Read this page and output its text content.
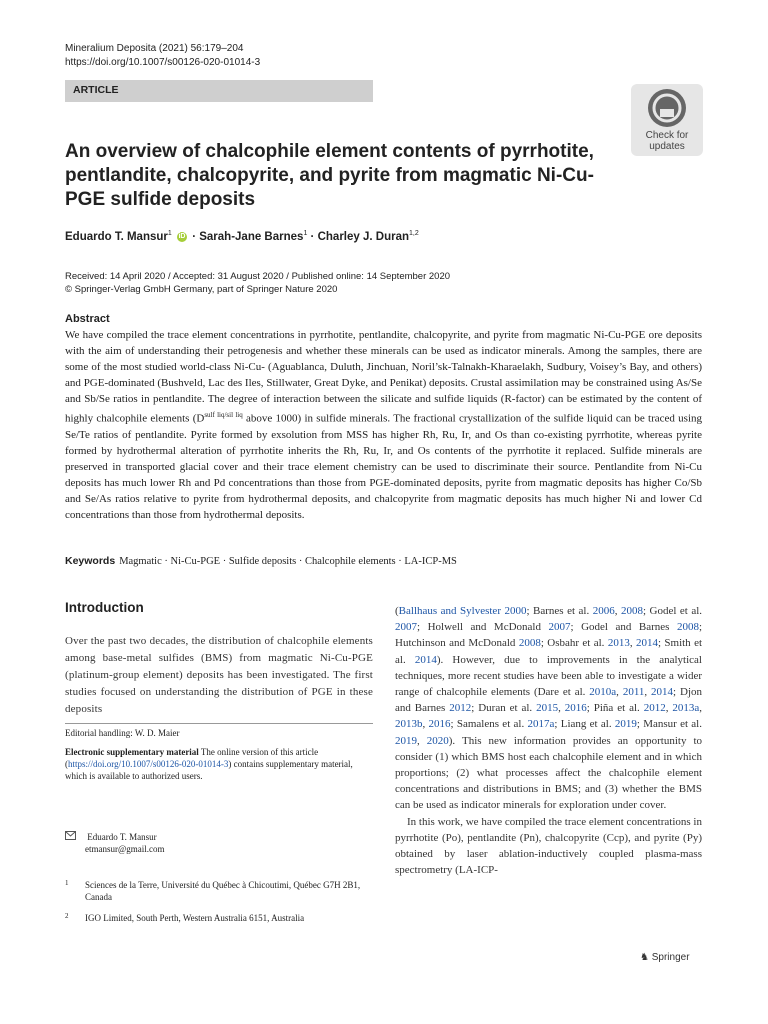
Mineralium Deposita (2021) 56:179–204
https://doi.org/10.1007/s00126-020-01014-3
ARTICLE
Check for
updates
An overview of chalcophile element contents of pyrrhotite, pentlandite, chalcopyrite, and pyrite from magmatic Ni-Cu-PGE sulfide deposits
Eduardo T. Mansur$^1$ iD · Sarah-Jane Barnes$^1$ · Charley J. Duran$^{1,2}$
Received: 14 April 2020 / Accepted: 31 August 2020 / Published online: 14 September 2020
© Springer-Verlag GmbH Germany, part of Springer Nature 2020
Abstract
We have compiled the trace element concentrations in pyrrhotite, pentlandite, chalcopyrite, and pyrite from magmatic Ni-Cu-PGE ore deposits with the aim of understanding their petrogenesis and whether these minerals can be used as indicator minerals. Among the samples, there are some of the most studied world-class Ni-Cu- (Aguablanca, Duluth, Jinchuan, Noril’sk-Talnakh-Kharaelakh, Sudbury, Voisey’s Bay, and others) and PGE-dominated (Bushveld, Lac des Iles, Stillwater, Great Dyke, and Penikat) deposits. Crustal assimilation may be constrained using As/Se and Sb/Se ratios in pentlandite. The degree of interaction between the silicate and sulfide liquids (R-factor) can be estimated by the content of highly chalcophile elements ($D^{sulf liq/sil liq}$ above 1000) in sulfide minerals. The fractional crystallization of the sulfide liquid can be traced using Se/Te ratios of pentlandite. Pyrite formed by exsolution from MSS has higher Rh, Ru, Ir, and Os than co-existing pyrrhotite, whereas pyrite formed by hydrothermal alteration of pyrrhotite inherits the Rh, Ru, Ir, and Os contents of the pyrrhotite it replaced. Sulfide minerals are preserved in transported glacial cover and their trace element chemistry can be used to discriminate their source. Pentlandite from Ni-Cu deposits has much lower Rh and Pd concentrations than those from PGE-dominated deposits, pyrite from magmatic deposits has higher Co/Sb and Se/As ratios relative to pyrite from hydrothermal deposits, and chalcopyrite from magmatic deposits has much higher Ni and lower Cd concentrations than those from hydrothermal deposits.
Keywords Magmatic · Ni-Cu-PGE · Sulfide deposits · Chalcophile elements · LA-ICP-MS
Introduction
Over the past two decades, the distribution of chalcophile elements among base-metal sulfides (BMS) from magmatic Ni-Cu-PGE (platinum-group element) deposits has been investigated. The first studies focused on understanding the distribution of PGE in these deposits
Editorial handling: W. D. Maier
Electronic supplementary material The online version of this article (https://doi.org/10.1007/s00126-020-01014-3) contains supplementary material, which is available to authorized users.
Eduardo T. Mansur
etmansur@gmail.com
1 Sciences de la Terre, Université du Québec à Chicoutimi, Québec G7H 2B1, Canada
2 IGO Limited, South Perth, Western Australia 6151, Australia

(Ballhaus and Sylvester 2000; Barnes et al. 2006, 2008; Godel et al. 2007; Holwell and McDonald 2007; Godel and Barnes 2008; Hutchinson and McDonald 2008; Osbahr et al. 2013, 2014; Smith et al. 2014). However, due to improvements in the analytical techniques, more recent studies have been able to investigate a wider range of chalcophile elements (Dare et al. 2010a, 2011, 2014; Djon and Barnes 2012; Duran et al. 2015, 2016; Piña et al. 2012, 2013a, 2013b, 2016; Samalens et al. 2017a; Liang et al. 2019; Mansur et al. 2019, 2020). This new information provides an opportunity to consider (1) which BMS host each chalcophile element and in which proportions; (2) what processes affect the chalcophile element concentrations and distributions in BMS; and (3) whether the BMS can be used as indicator minerals for exploration under cover.

In this work, we have compiled the trace element concentrations in pyrrhotite (Po), pentlandite (Pn), chalcopyrite (Ccp), and pyrite (Py) obtained by laser ablation-inductively coupled plasma-mass spectrometry (LA-ICP-

♞ Springer
